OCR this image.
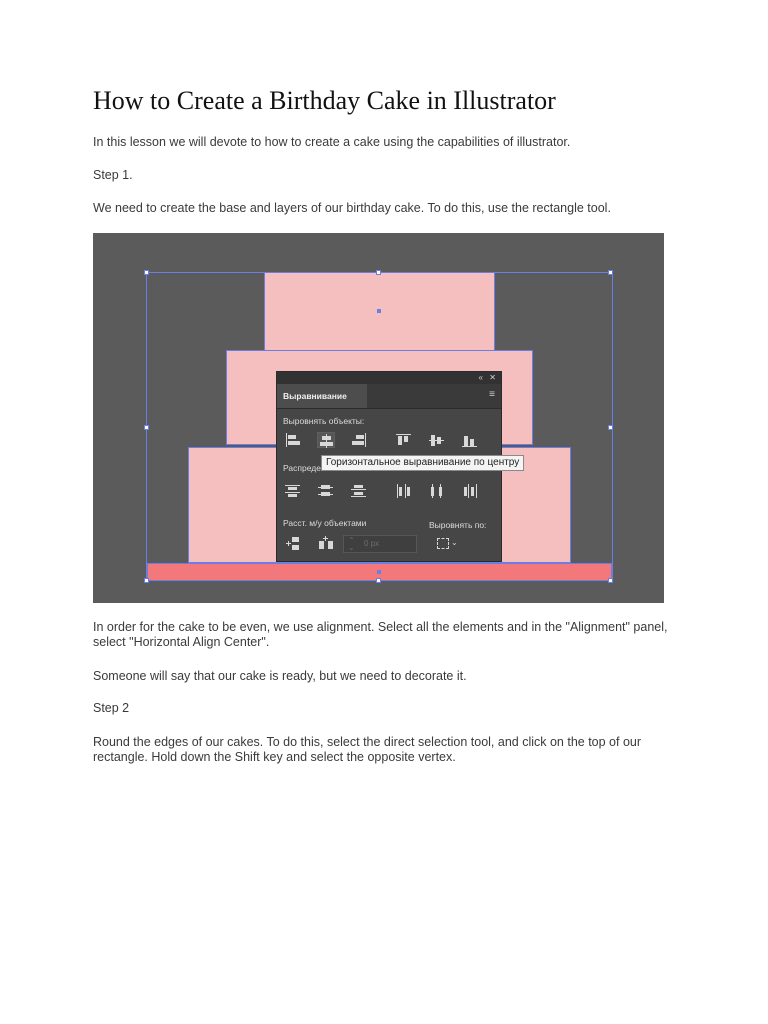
How to Create a Birthday Cake in Illustrator

In this lesson we will devote to how to create a cake using the capabilities of illustrator.

Step 1.

We need to create the base and layers of our birthday cake. To do this, use the rectangle tool.

« ✕
Выравнивание	≡
Выровнять объекты:
Распреде
Расст. м/у объектами	Выровнять по:
⌃
⌄ 0 px	⌄
Горизонтальное выравнивание по центру

In order for the cake to be even, we use alignment. Select all the elements and in the "Alignment" panel, select "Horizontal Align Center".

Someone will say that our cake is ready, but we need to decorate it.

Step 2

Round the edges of our cakes. To do this, select the direct selection tool, and click on the top of our rectangle. Hold down the Shift key and select the opposite vertex.
